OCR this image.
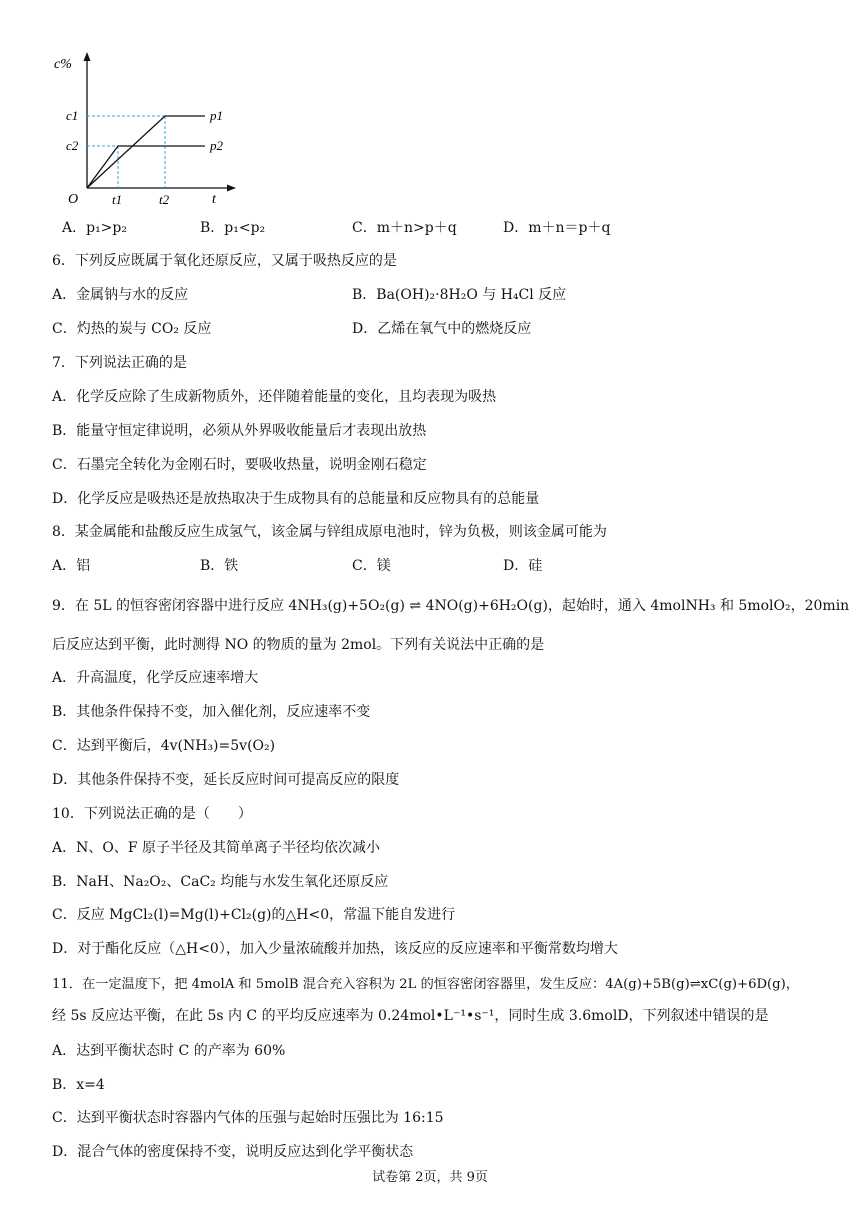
c%
t
O
c1
c2
t1	t2
p1
p2
A．p₁>p₂	B．p₁<p₂	C．m＋n>p＋q	D．m＋n＝p＋q
6．下列反应既属于氧化还原反应，又属于吸热反应的是
A．金属钠与水的反应	B．Ba(OH)₂·8H₂O 与 H₄Cl 反应
C．灼热的炭与 CO₂ 反应	D．乙烯在氧气中的燃烧反应
7．下列说法正确的是
A．化学反应除了生成新物质外，还伴随着能量的变化，且均表现为吸热
B．能量守恒定律说明，必须从外界吸收能量后才表现出放热
C．石墨完全转化为金刚石时，要吸收热量，说明金刚石稳定
D．化学反应是吸热还是放热取决于生成物具有的总能量和反应物具有的总能量
8．某金属能和盐酸反应生成氢气，该金属与锌组成原电池时，锌为负极，则该金属可能为
A．铝	B．铁	C．镁	D．硅
9．在 5L 的恒容密闭容器中进行反应 4NH₃(g)+5O₂(g) ⇌ 4NO(g)+6H₂O(g)，起始时，通入 4molNH₃ 和 5molO₂，20min
后反应达到平衡，此时测得 NO 的物质的量为 2mol。下列有关说法中正确的是
A．升高温度，化学反应速率增大
B．其他条件保持不变，加入催化剂，反应速率不变
C．达到平衡后，4v(NH₃)=5v(O₂)
D．其他条件保持不变，延长反应时间可提高反应的限度
10．下列说法正确的是（　　）
A．N、O、F 原子半径及其简单离子半径均依次减小
B．NaH、Na₂O₂、CaC₂ 均能与水发生氧化还原反应
C．反应 MgCl₂(l)=Mg(l)+Cl₂(g)的△H<0，常温下能自发进行
D．对于酯化反应（△H<0），加入少量浓硫酸并加热，该反应的反应速率和平衡常数均增大
11．在一定温度下，把 4molA 和 5molB 混合充入容积为 2L 的恒容密闭容器里，发生反应：4A(g)+5B(g)⇌xC(g)+6D(g)，
经 5s 反应达平衡，在此 5s 内 C 的平均反应速率为 0.24mol•L⁻¹•s⁻¹，同时生成 3.6molD，下列叙述中错误的是
A．达到平衡状态时 C 的产率为 60%
B．x=4
C．达到平衡状态时容器内气体的压强与起始时压强比为 16:15
D．混合气体的密度保持不变，说明反应达到化学平衡状态
试卷第 2页，共 9页
